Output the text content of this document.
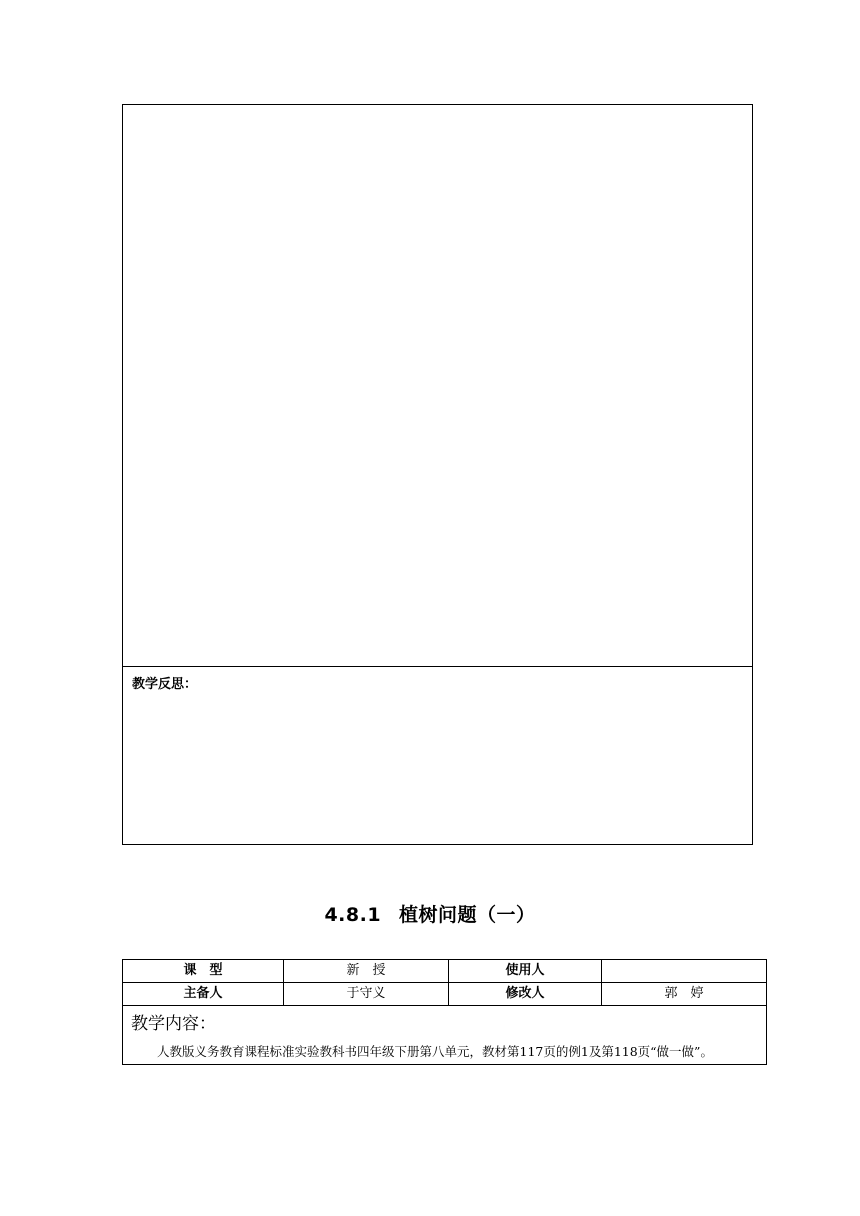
教学反思：
4.8.1 植树问题（一）
课　型	新　授	使用人	
主备人	于守义	修改人	郭　婷

教学内容：

人教版义务教育课程标准实验教科书四年级下册第八单元，教材第117页的例1及第118页“做一做”。			
